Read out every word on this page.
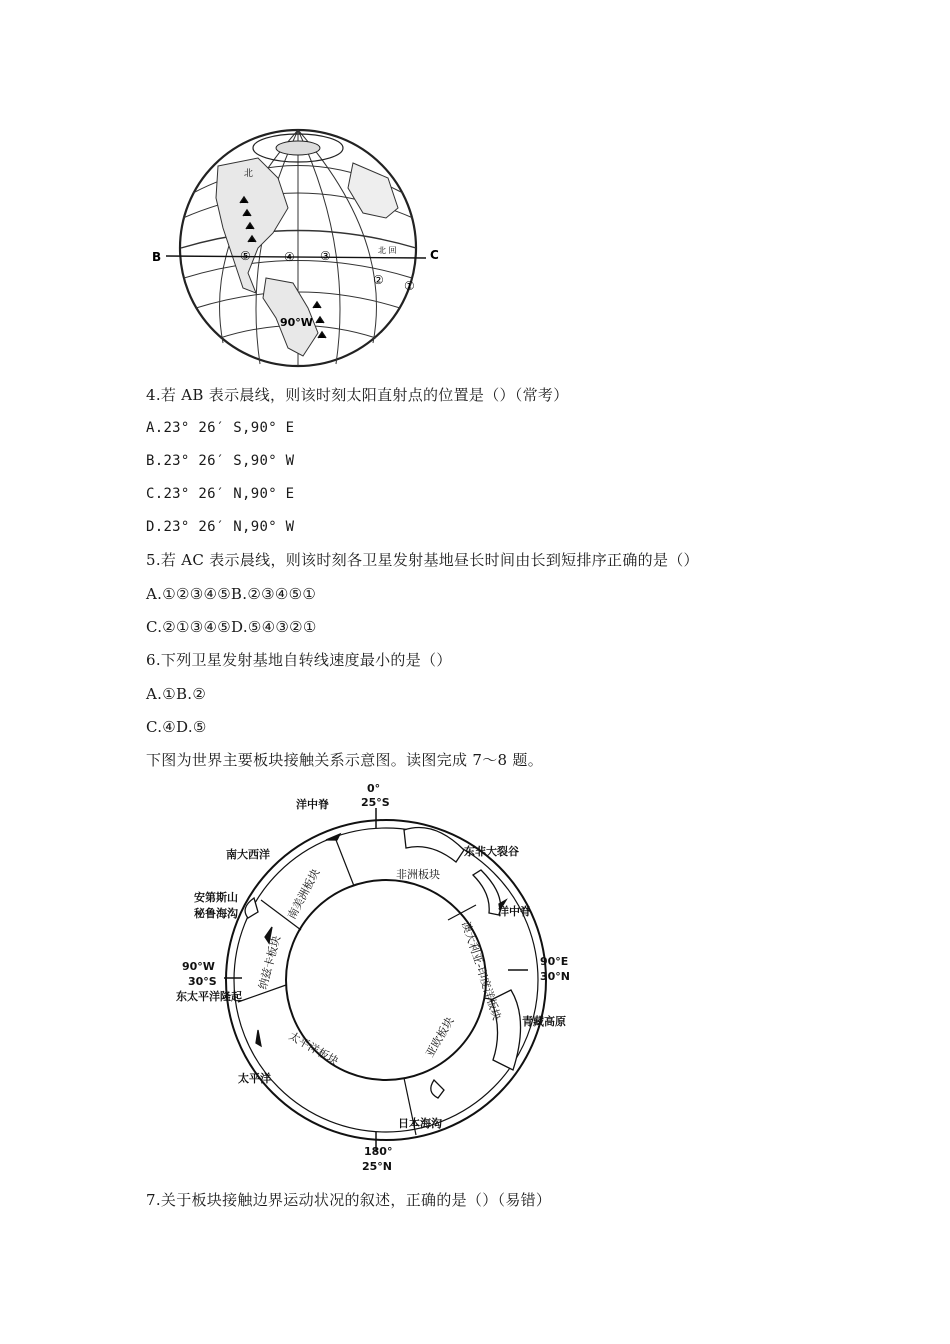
B	C
90°W
⑤	④ ③
② ①
北
北 回
4.若 AB 表示晨线，则该时刻太阳直射点的位置是（）（常考）
A.23° 26′ S,90° E
B.23° 26′ S,90° W
C.23° 26′ N,90° E
D.23° 26′ N,90° W
5.若 AC 表示晨线，则该时刻各卫星发射基地昼长时间由长到短排序正确的是（）
A.①②③④⑤B.②③④⑤①
C.②①③④⑤D.⑤④③②①
6.下列卫星发射基地自转线速度最小的是（）
A.①B.②
C.④D.⑤
下图为世界主要板块接触关系示意图。读图完成 7～8 题。
0°
25°S
90°E
30°N
180°
25°N
90°W
30°S
洋中脊
东非大裂谷
南大西洋
洋中脊
安第斯山
秘鲁海沟
东太平洋隆起
青藏高原
太平洋
日本海沟
南美洲板块	非洲板块
澳大利亚-印度洋板块
纳兹卡板块
太平洋板块	亚欧板块
7.关于板块接触边界运动状况的叙述，正确的是（）（易错）
